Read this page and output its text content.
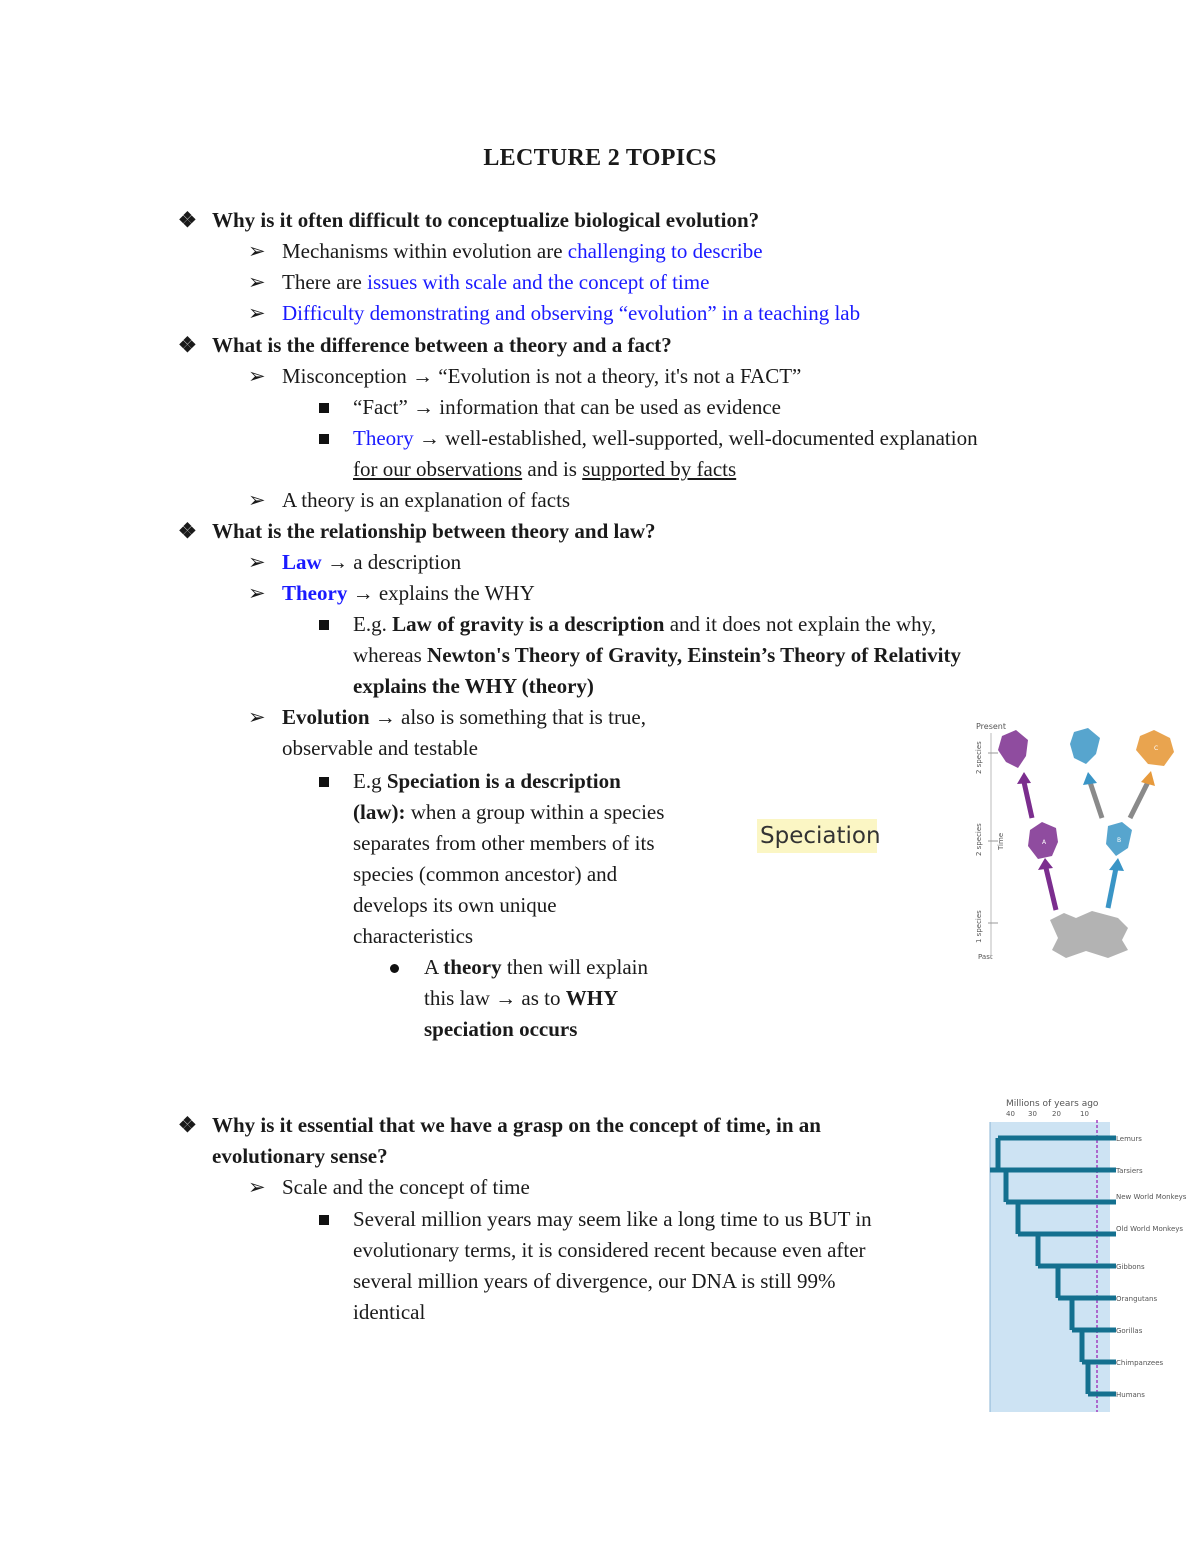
LECTURE 2 TOPICS
❖ Why is it often difficult to conceptualize biological evolution?
➢ Mechanisms within evolution are challenging to describe
➢ There are issues with scale and the concept of time
➢ Difficulty demonstrating and observing “evolution” in a teaching lab
❖ What is the difference between a theory and a fact?
➢ Misconception → “Evolution is not a theory, it's not a FACT”
“Fact” → information that can be used as evidence
Theory → well-established, well-supported, well-documented explanation
for our observations and is supported by facts
➢ A theory is an explanation of facts
❖ What is the relationship between theory and law?
➢ Law → a description
➢ Theory → explains the WHY
E.g. Law of gravity is a description and it does not explain the why,
whereas Newton's Theory of Gravity, Einstein’s Theory of Relativity
explains the WHY (theory)
➢ Evolution → also is something that is true,
observable and testable
E.g Speciation is a description
(law): when a group within a species
separates from other members of its
species (common ancestor) and
develops its own unique
characteristics
A theory then will explain
this law → as to WHY
speciation occurs
Speciation
Present
Past
2 species
2 species
1 species
Time	A	B
C
❖ Why is it essential that we have a grasp on the concept of time, in an
evolutionary sense?
➢ Scale and the concept of time
Several million years may seem like a long time to us BUT in
evolutionary terms, it is considered recent because even after
several million years of divergence, our DNA is still 99%
identical
Millions of years ago
40 30 20	10
Lemurs
Tarsiers
New World Monkeys
Old World Monkeys
Gibbons
Orangutans
Gorillas
Chimpanzees
Humans
